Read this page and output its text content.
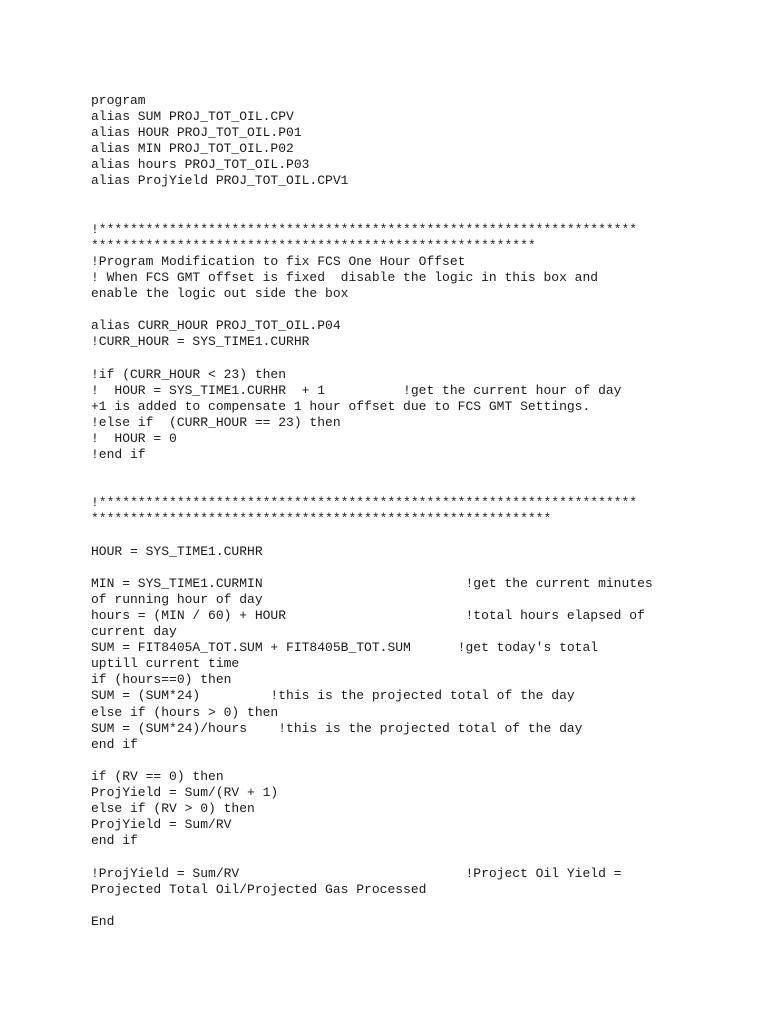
program
alias SUM PROJ_TOT_OIL.CPV
alias HOUR PROJ_TOT_OIL.P01
alias MIN PROJ_TOT_OIL.P02
alias hours PROJ_TOT_OIL.P03
alias ProjYield PROJ_TOT_OIL.CPV1
!*********************************************************************
*********************************************************
!Program Modification to fix FCS One Hour Offset
! When FCS GMT offset is fixed  disable the logic in this box and
enable the logic out side the box
alias CURR_HOUR PROJ_TOT_OIL.P04
!CURR_HOUR = SYS_TIME1.CURHR
!if (CURR_HOUR < 23) then
!  HOUR = SYS_TIME1.CURHR  + 1          !get the current hour of day
+1 is added to compensate 1 hour offset due to FCS GMT Settings.
!else if  (CURR_HOUR == 23) then
!  HOUR = 0
!end if
!*********************************************************************
***********************************************************
HOUR = SYS_TIME1.CURHR
MIN = SYS_TIME1.CURMIN                          !get the current minutes
of running hour of day
hours = (MIN / 60) + HOUR                       !total hours elapsed of
current day
SUM = FIT8405A_TOT.SUM + FIT8405B_TOT.SUM      !get today's total
uptill current time
if (hours==0) then
SUM = (SUM*24)         !this is the projected total of the day
else if (hours > 0) then
SUM = (SUM*24)/hours    !this is the projected total of the day
end if
if (RV == 0) then
ProjYield = Sum/(RV + 1)
else if (RV > 0) then
ProjYield = Sum/RV
end if
!ProjYield = Sum/RV                             !Project Oil Yield =
Projected Total Oil/Projected Gas Processed
End
